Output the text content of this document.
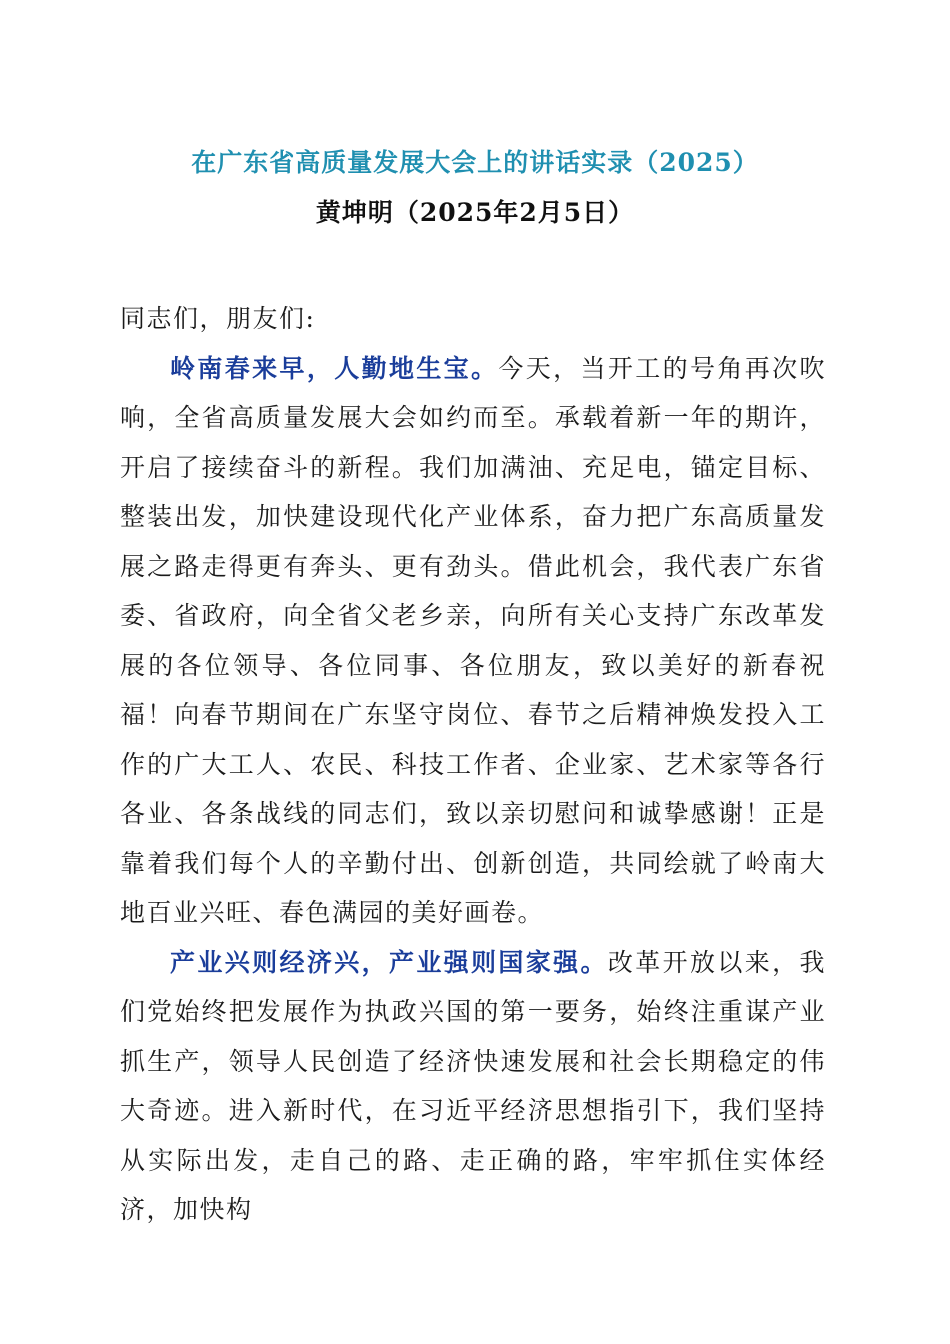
在广东省高质量发展大会上的讲话实录（2025）
黄坤明（2025年2月5日）

同志们，朋友们:

岭南春来早，人勤地生宝。今天，当开工的号角再次吹响，全省高质量发展大会如约而至。承载着新一年的期许，开启了接续奋斗的新程。我们加满油、充足电，锚定目标、整装出发，加快建设现代化产业体系，奋力把广东高质量发展之路走得更有奔头、更有劲头。借此机会，我代表广东省委、省政府，向全省父老乡亲，向所有关心支持广东改革发展的各位领导、各位同事、各位朋友，致以美好的新春祝福！向春节期间在广东坚守岗位、春节之后精神焕发投入工作的广大工人、农民、科技工作者、企业家、艺术家等各行各业、各条战线的同志们，致以亲切慰问和诚挚感谢！正是靠着我们每个人的辛勤付出、创新创造，共同绘就了岭南大地百业兴旺、春色满园的美好画卷。

产业兴则经济兴，产业强则国家强。改革开放以来，我们党始终把发展作为执政兴国的第一要务，始终注重谋产业抓生产，领导人民创造了经济快速发展和社会长期稳定的伟大奇迹。进入新时代，在习近平经济思想指引下，我们坚持从实际出发，走自己的路、走正确的路，牢牢抓住实体经济，加快构
